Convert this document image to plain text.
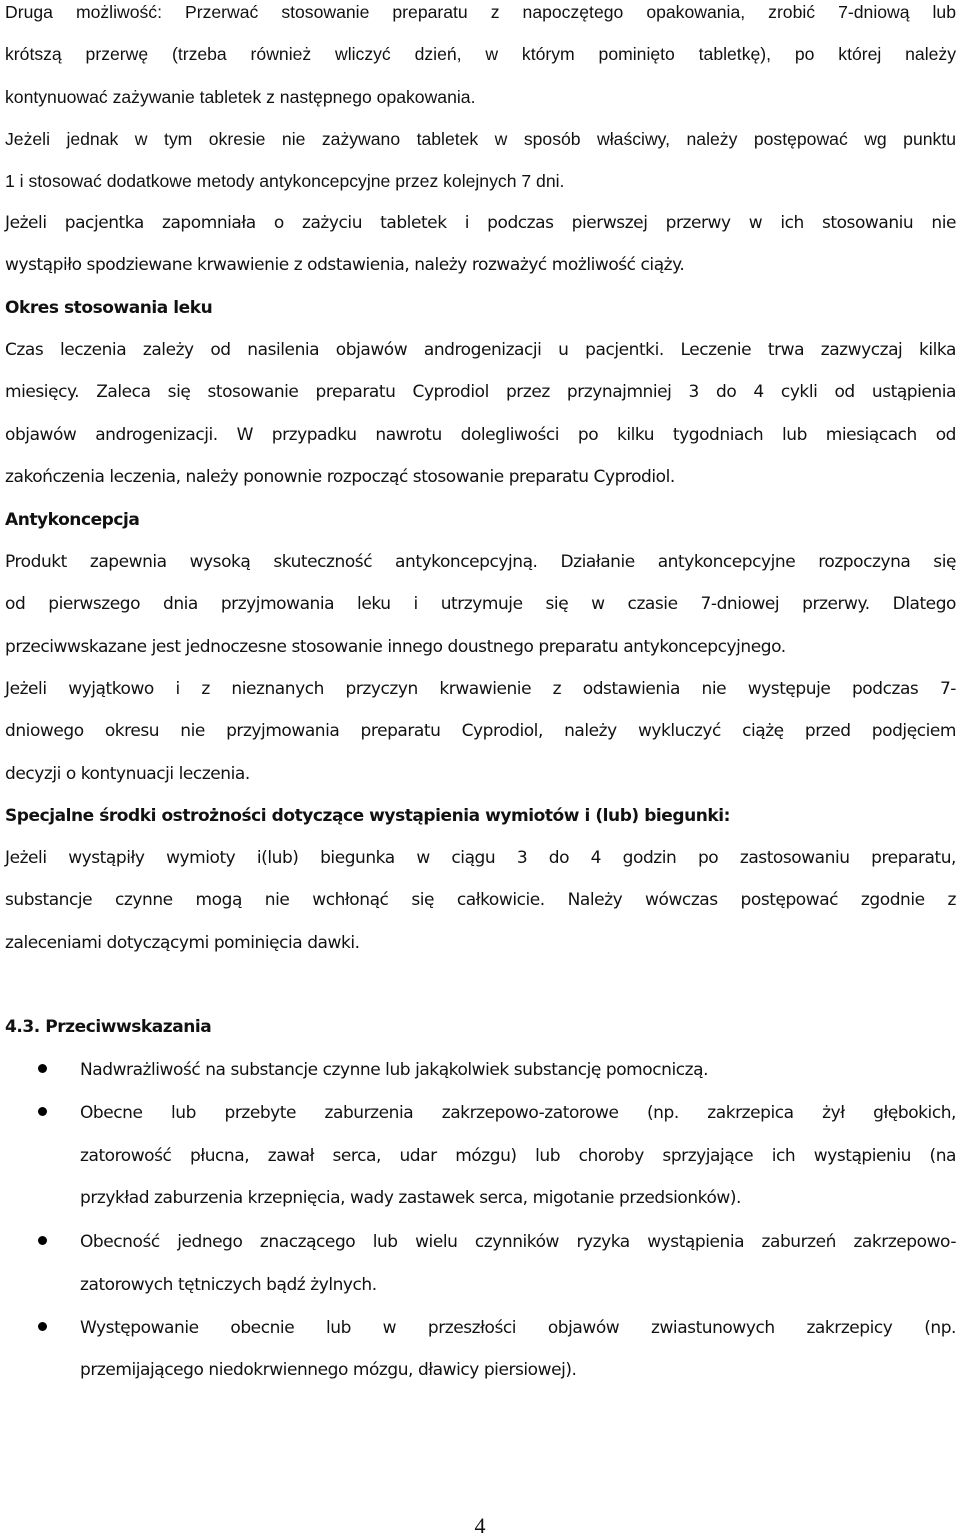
Druga możliwość: Przerwać stosowanie preparatu z napoczętego opakowania, zrobić 7-dniową lub
krótszą przerwę (trzeba również wliczyć dzień, w którym pominięto tabletkę), po której należy
kontynuować zażywanie tabletek z następnego opakowania.
Jeżeli jednak w tym okresie nie zażywano tabletek w sposób właściwy, należy postępować wg punktu
1 i stosować dodatkowe metody antykoncepcyjne przez kolejnych 7 dni.
Jeżeli pacjentka zapomniała o zażyciu tabletek i podczas pierwszej przerwy w ich stosowaniu nie
wystąpiło spodziewane krwawienie z odstawienia, należy rozważyć możliwość ciąży.
Okres stosowania leku
Czas leczenia zależy od nasilenia objawów androgenizacji u pacjentki. Leczenie trwa zazwyczaj kilka
miesięcy. Zaleca się stosowanie preparatu Cyprodiol przez przynajmniej 3 do 4 cykli od ustąpienia
objawów androgenizacji. W przypadku nawrotu dolegliwości po kilku tygodniach lub miesiącach od
zakończenia leczenia, należy ponownie rozpocząć stosowanie preparatu Cyprodiol.
Antykoncepcja
Produkt zapewnia wysoką skuteczność antykoncepcyjną. Działanie antykoncepcyjne rozpoczyna się
od pierwszego dnia przyjmowania leku i utrzymuje się w czasie 7-dniowej przerwy. Dlatego
przeciwwskazane jest jednoczesne stosowanie innego doustnego preparatu antykoncepcyjnego.
Jeżeli wyjątkowo i z nieznanych przyczyn krwawienie z odstawienia nie występuje podczas 7-
dniowego okresu nie przyjmowania preparatu Cyprodiol, należy wykluczyć ciążę przed podjęciem
decyzji o kontynuacji leczenia.
Specjalne środki ostrożności dotyczące wystąpienia wymiotów i (lub) biegunki:
Jeżeli wystąpiły wymioty i(lub) biegunka w ciągu 3 do 4 godzin po zastosowaniu preparatu,
substancje czynne mogą nie wchłonąć się całkowicie. Należy wówczas postępować zgodnie z
zaleceniami dotyczącymi pominięcia dawki.
4.3. Przeciwwskazania
Nadwrażliwość na substancje czynne lub jakąkolwiek substancję pomocniczą.
Obecne lub przebyte zaburzenia zakrzepowo-zatorowe (np. zakrzepica żył głębokich,
zatorowość płucna, zawał serca, udar mózgu) lub choroby sprzyjające ich wystąpieniu (na
przykład zaburzenia krzepnięcia, wady zastawek serca, migotanie przedsionków).
Obecność jednego znaczącego lub wielu czynników ryzyka wystąpienia zaburzeń zakrzepowo-
zatorowych tętniczych bądź żylnych.
Występowanie obecnie lub w przeszłości objawów zwiastunowych zakrzepicy (np.
przemijającego niedokrwiennego mózgu, dławicy piersiowej).
4
